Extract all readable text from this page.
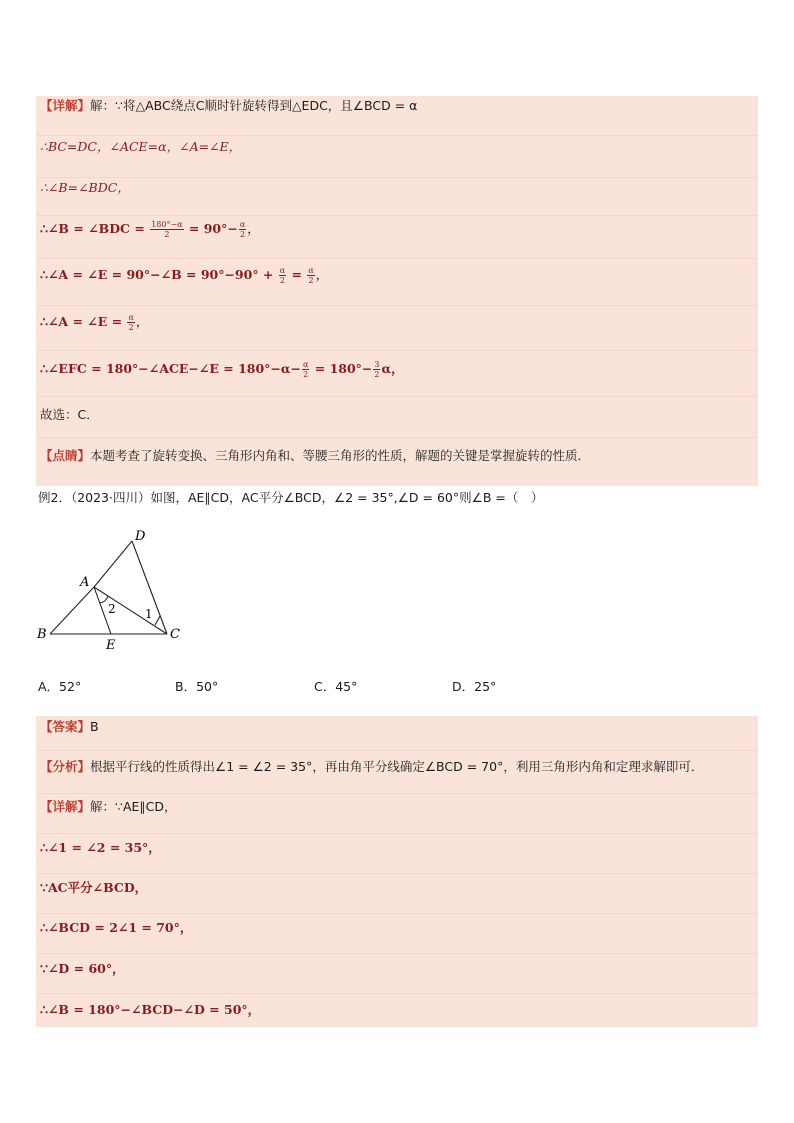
【详解】解：∵将△ABC绕点C顺时针旋转得到△EDC，且∠BCD = α
∴BC=DC，∠ACE=α，∠A=∠E，
∴∠B=∠BDC，
∴∠B = ∠BDC = $\frac{180^\circ-\alpha}{2} = 90^\circ- \frac{\alpha}{2}$ ，
∴∠A = ∠E = 90°−∠B = $90^\circ-90^\circ + \frac{\alpha}{2} = \frac{\alpha}{2}$ ，
∴∠A = ∠E = $\frac{\alpha}{2}$ ，
∴∠EFC = 180°−∠ACE−∠E = $180^\circ-\alpha- \frac{\alpha}{2} = 180^\circ- \frac{3}{2}$ α，
故选：C．
【点睛】本题考查了旋转变换、三角形内角和、等腰三角形的性质，解题的关键是掌握旋转的性质．
例2．（2023·四川）如图，AE∥CD，AC平分∠BCD，∠2 = 35°,∠D = 60°则∠B =（　）
D
A
B	C
E
2 1
A．52°	B．50°	C．45°	D．25°
【答案】B
【分析】根据平行线的性质得出∠1 = ∠2 = 35°，再由角平分线确定∠BCD = 70°，利用三角形内角和定理求解即可．
【详解】解：∵AE∥CD，
∴∠1 = ∠2 = 35°，
∵AC平分∠BCD，
∴∠BCD = 2∠1 = 70°，
∵∠D = 60°，
∴∠B = 180°−∠BCD−∠D = 50°，
